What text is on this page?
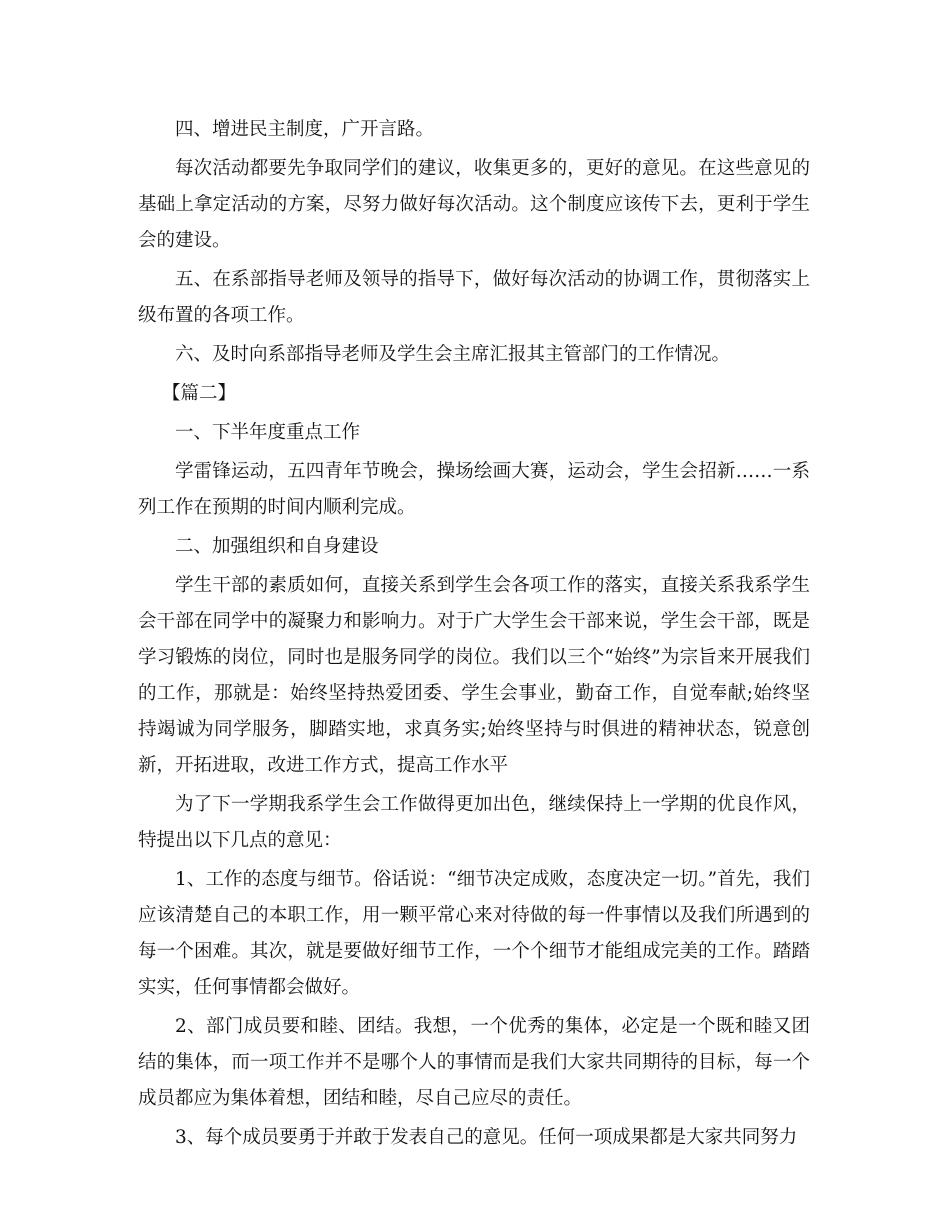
四、增进民主制度，广开言路。

每次活动都要先争取同学们的建议，收集更多的，更好的意见。在这些意见的基础上拿定活动的方案，尽努力做好每次活动。这个制度应该传下去，更利于学生会的建设。

五、在系部指导老师及领导的指导下，做好每次活动的协调工作，贯彻落实上级布置的各项工作。

六、及时向系部指导老师及学生会主席汇报其主管部门的工作情况。

【篇二】

一、下半年度重点工作

学雷锋运动，五四青年节晚会，操场绘画大赛，运动会，学生会招新……一系列工作在预期的时间内顺利完成。

二、加强组织和自身建设

学生干部的素质如何，直接关系到学生会各项工作的落实，直接关系我系学生会干部在同学中的凝聚力和影响力。对于广大学生会干部来说，学生会干部，既是学习锻炼的岗位，同时也是服务同学的岗位。我们以三个“始终”为宗旨来开展我们的工作，那就是：始终坚持热爱团委、学生会事业，勤奋工作，自觉奉献;始终坚持竭诚为同学服务，脚踏实地，求真务实;始终坚持与时俱进的精神状态，锐意创新，开拓进取，改进工作方式，提高工作水平

为了下一学期我系学生会工作做得更加出色，继续保持上一学期的优良作风，特提出以下几点的意见：

1、工作的态度与细节。俗话说：“细节决定成败，态度决定一切。”首先，我们应该清楚自己的本职工作，用一颗平常心来对待做的每一件事情以及我们所遇到的每一个困难。其次，就是要做好细节工作，一个个细节才能组成完美的工作。踏踏实实，任何事情都会做好。

2、部门成员要和睦、团结。我想，一个优秀的集体，必定是一个既和睦又团结的集体，而一项工作并不是哪个人的事情而是我们大家共同期待的目标，每一个成员都应为集体着想，团结和睦，尽自己应尽的责任。

3、每个成员要勇于并敢于发表自己的意见。任何一项成果都是大家共同努力
